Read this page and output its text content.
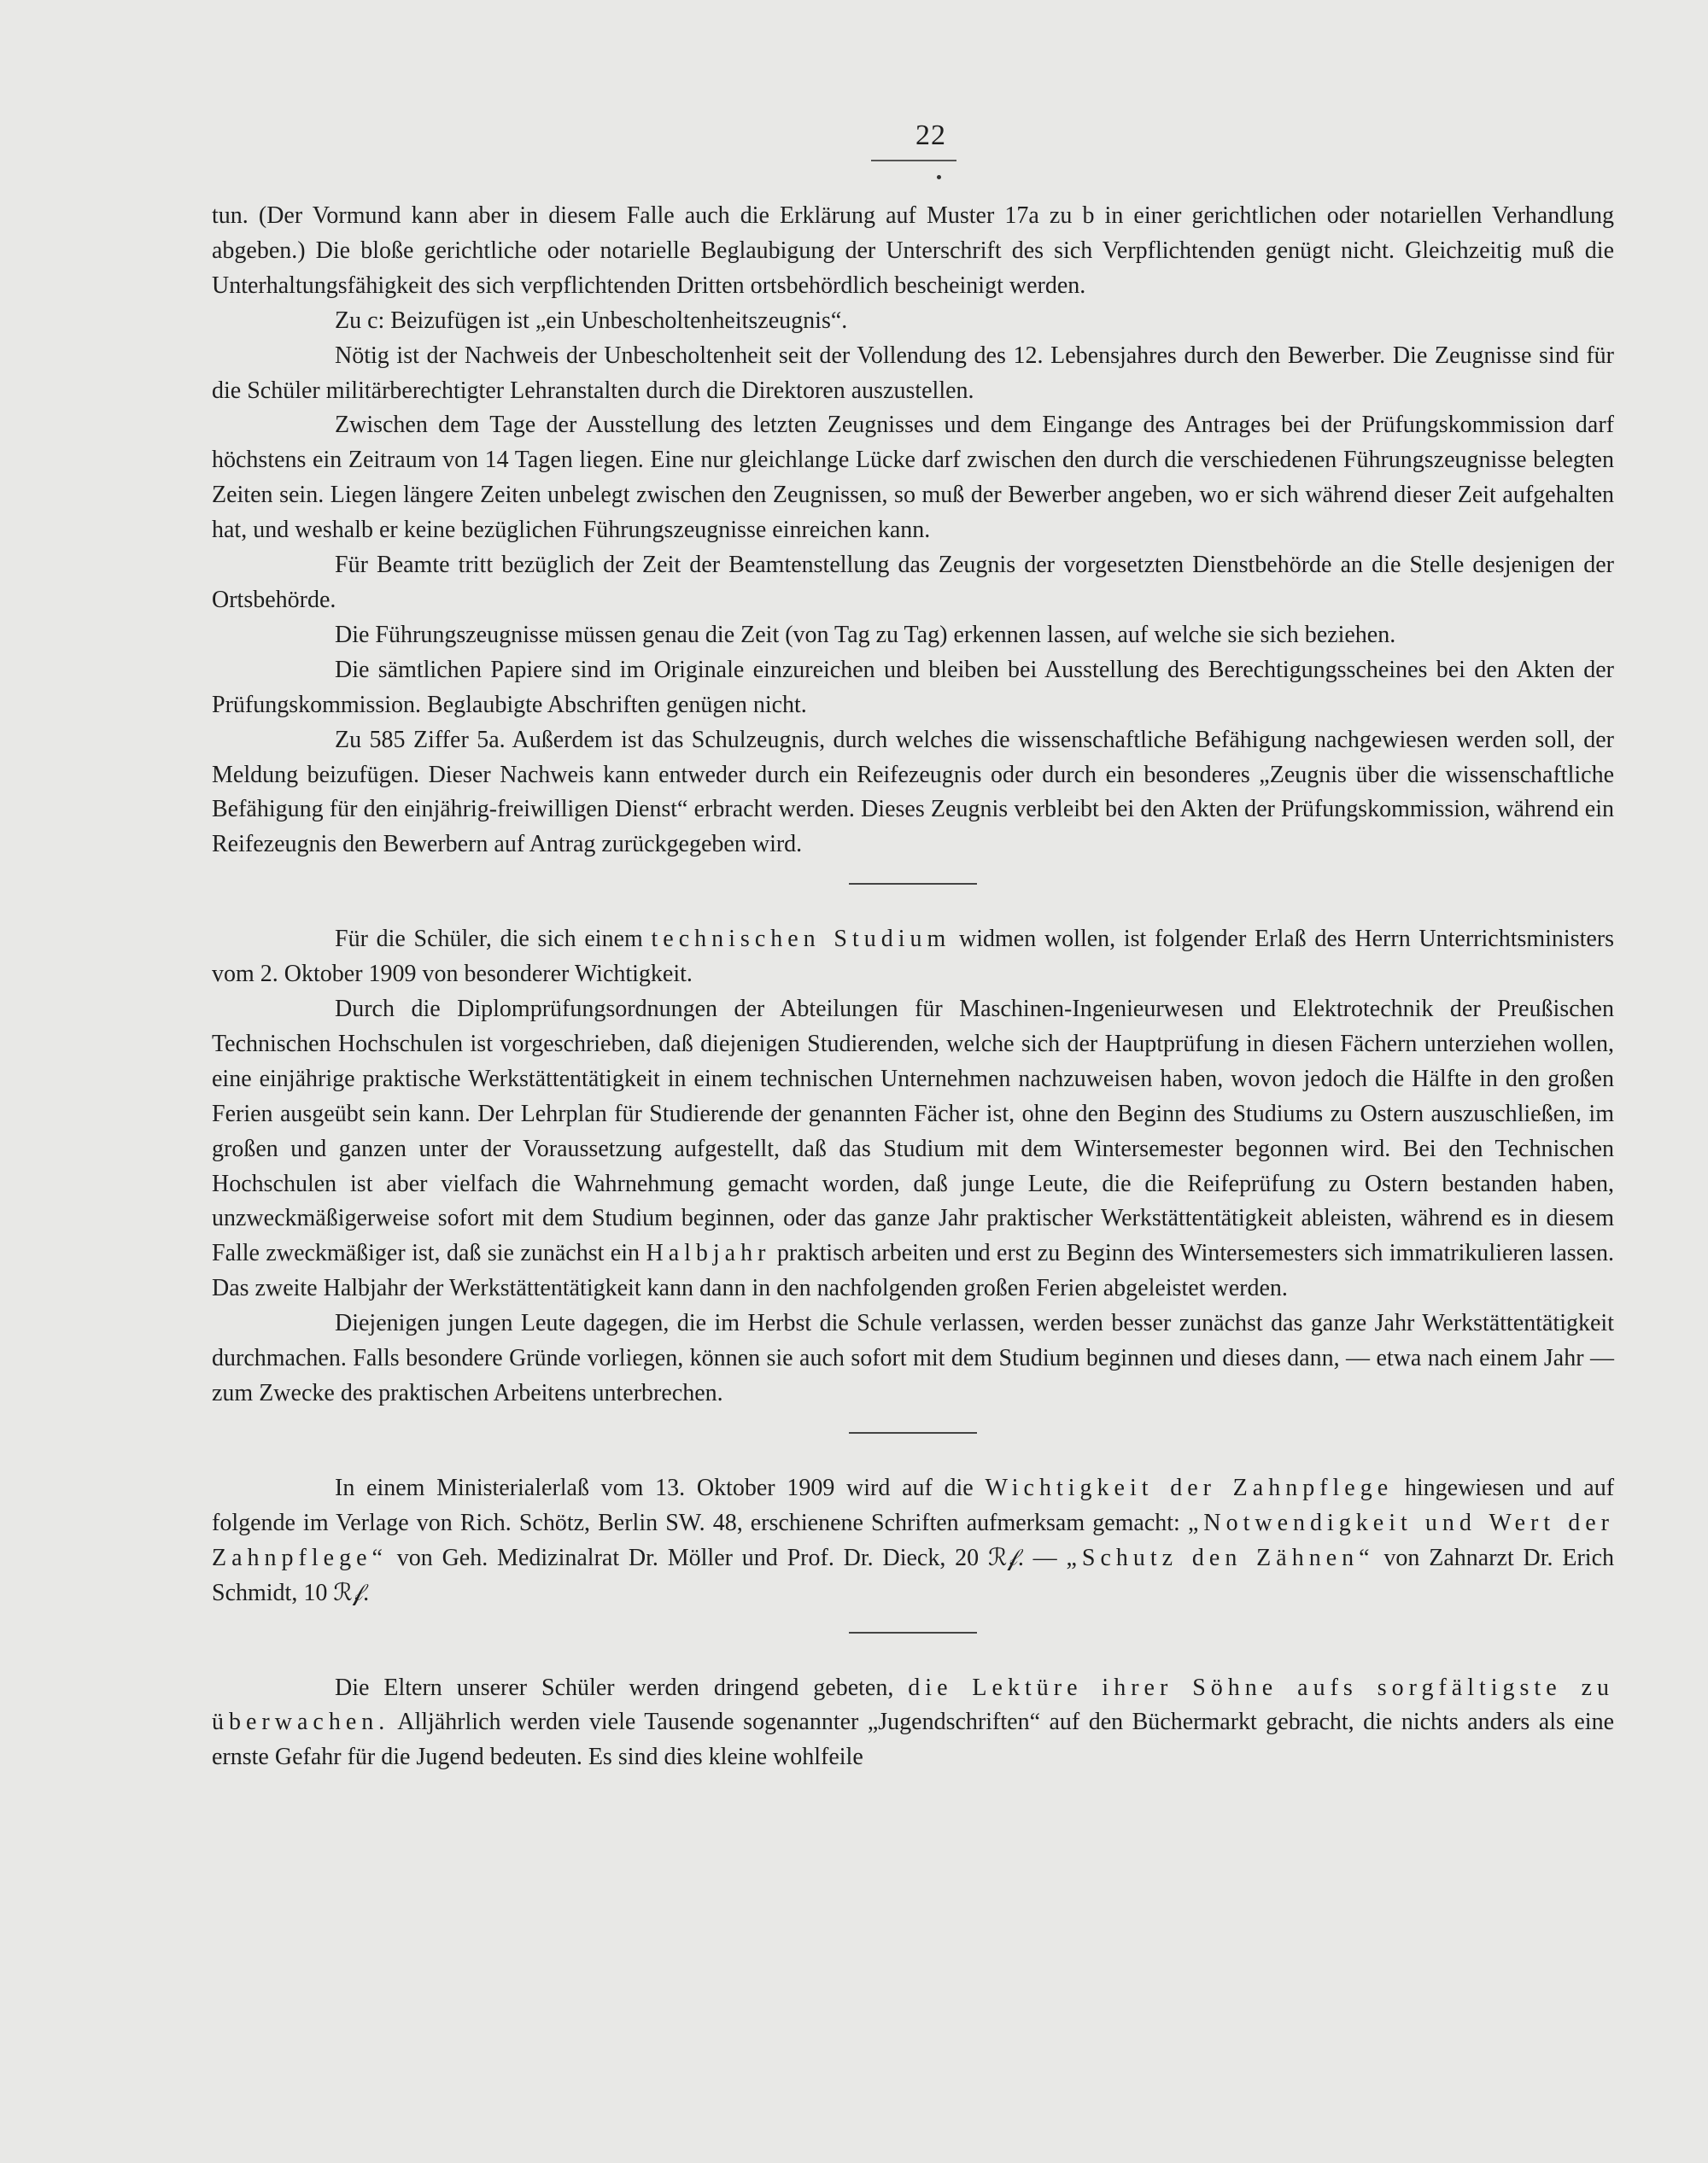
22

tun. (Der Vormund kann aber in diesem Falle auch die Erklärung auf Muster 17a zu b in einer gerichtlichen oder notariellen Verhandlung abgeben.) Die bloße gerichtliche oder notarielle Beglaubigung der Unterschrift des sich Verpflichtenden genügt nicht. Gleichzeitig muß die Unterhaltungsfähigkeit des sich verpflichtenden Dritten ortsbehördlich bescheinigt werden.

Zu c: Beizufügen ist „ein Unbescholtenheitszeugnis“.

Nötig ist der Nachweis der Unbescholtenheit seit der Vollendung des 12. Lebensjahres durch den Bewerber. Die Zeugnisse sind für die Schüler militärberechtigter Lehranstalten durch die Direktoren auszustellen.

Zwischen dem Tage der Ausstellung des letzten Zeugnisses und dem Eingange des Antrages bei der Prüfungskommission darf höchstens ein Zeitraum von 14 Tagen liegen. Eine nur gleichlange Lücke darf zwischen den durch die verschiedenen Führungszeugnisse belegten Zeiten sein. Liegen längere Zeiten unbelegt zwischen den Zeugnissen, so muß der Bewerber angeben, wo er sich während dieser Zeit aufgehalten hat, und weshalb er keine bezüglichen Führungszeugnisse einreichen kann.

Für Beamte tritt bezüglich der Zeit der Beamtenstellung das Zeugnis der vorgesetzten Dienstbehörde an die Stelle desjenigen der Ortsbehörde.

Die Führungszeugnisse müssen genau die Zeit (von Tag zu Tag) erkennen lassen, auf welche sie sich beziehen.

Die sämtlichen Papiere sind im Originale einzureichen und bleiben bei Ausstellung des Berechtigungsscheines bei den Akten der Prüfungskommission. Beglaubigte Abschriften genügen nicht.

Zu 585 Ziffer 5a. Außerdem ist das Schulzeugnis, durch welches die wissenschaftliche Befähigung nachgewiesen werden soll, der Meldung beizufügen. Dieser Nachweis kann entweder durch ein Reifezeugnis oder durch ein besonderes „Zeugnis über die wissenschaftliche Befähigung für den einjährig-freiwilligen Dienst“ erbracht werden. Dieses Zeugnis verbleibt bei den Akten der Prüfungskommission, während ein Reifezeugnis den Bewerbern auf Antrag zurückgegeben wird.

Für die Schüler, die sich einem technischen Studium widmen wollen, ist folgender Erlaß des Herrn Unterrichtsministers vom 2. Oktober 1909 von besonderer Wichtigkeit.

Durch die Diplomprüfungsordnungen der Abteilungen für Maschinen-Ingenieurwesen und Elektrotechnik der Preußischen Technischen Hochschulen ist vorgeschrieben, daß diejenigen Studierenden, welche sich der Hauptprüfung in diesen Fächern unterziehen wollen, eine einjährige praktische Werkstättentätigkeit in einem technischen Unternehmen nachzuweisen haben, wovon jedoch die Hälfte in den großen Ferien ausgeübt sein kann. Der Lehrplan für Studierende der genannten Fächer ist, ohne den Beginn des Studiums zu Ostern auszuschließen, im großen und ganzen unter der Voraussetzung aufgestellt, daß das Studium mit dem Wintersemester begonnen wird. Bei den Technischen Hochschulen ist aber vielfach die Wahrnehmung gemacht worden, daß junge Leute, die die Reifeprüfung zu Ostern bestanden haben, unzweckmäßigerweise sofort mit dem Studium beginnen, oder das ganze Jahr praktischer Werkstättentätigkeit ableisten, während es in diesem Falle zweckmäßiger ist, daß sie zunächst ein Halbjahr praktisch arbeiten und erst zu Beginn des Wintersemesters sich immatrikulieren lassen. Das zweite Halbjahr der Werkstättentätigkeit kann dann in den nachfolgenden großen Ferien abgeleistet werden.

Diejenigen jungen Leute dagegen, die im Herbst die Schule verlassen, werden besser zunächst das ganze Jahr Werkstättentätigkeit durchmachen. Falls besondere Gründe vorliegen, können sie auch sofort mit dem Studium beginnen und dieses dann, — etwa nach einem Jahr — zum Zwecke des praktischen Arbeitens unterbrechen.

In einem Ministerialerlaß vom 13. Oktober 1909 wird auf die Wichtigkeit der Zahnpflege hingewiesen und auf folgende im Verlage von Rich. Schötz, Berlin SW. 48, erschienene Schriften aufmerksam gemacht: „Notwendigkeit und Wert der Zahnpflege“ von Geh. Medizinalrat Dr. Möller und Prof. Dr. Dieck, 20 ℛ𝒻. — „Schutz den Zähnen“ von Zahnarzt Dr. Erich Schmidt, 10 ℛ𝒻.

Die Eltern unserer Schüler werden dringend gebeten, die Lektüre ihrer Söhne aufs sorgfältigste zu überwachen. Alljährlich werden viele Tausende sogenannter „Jugendschriften“ auf den Büchermarkt gebracht, die nichts anders als eine ernste Gefahr für die Jugend bedeuten. Es sind dies kleine wohlfeile
